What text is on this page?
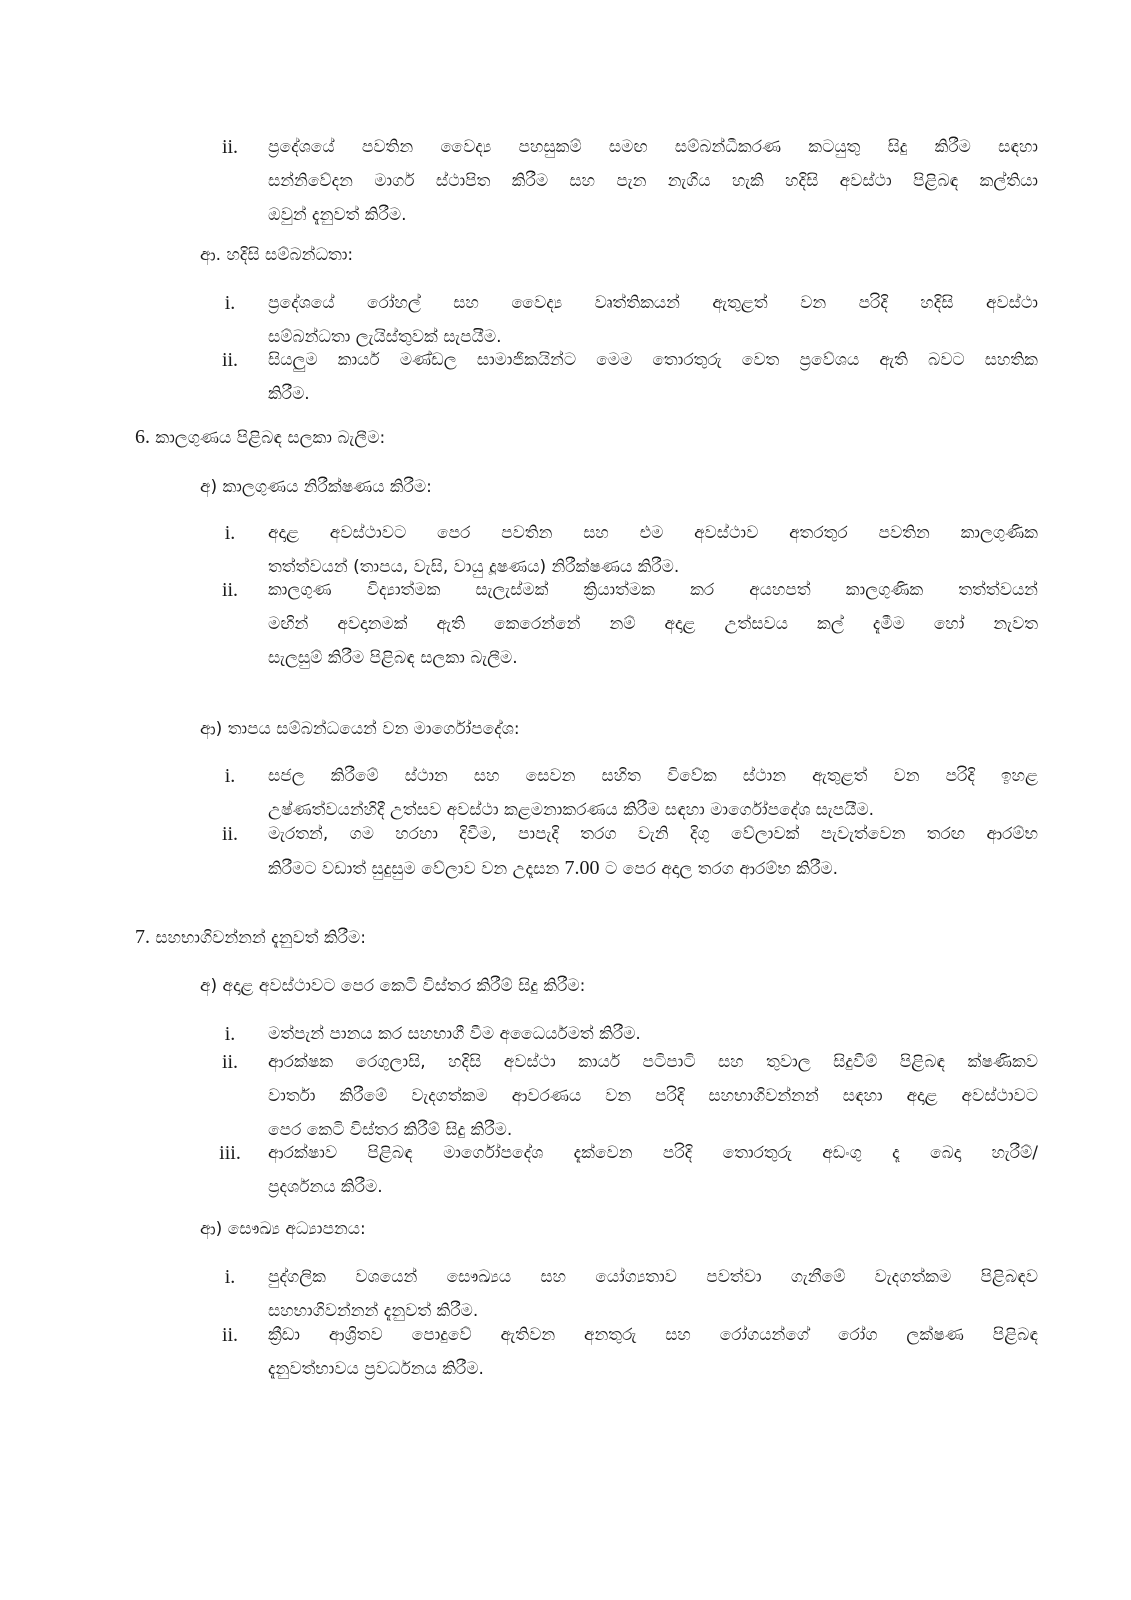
ii.	ප්‍රදේශයේ පවතින වෛද්‍ය පහසුකම් සමඟ සම්බන්ධීකරණ කටයුතු සිදු කිරීම සඳහා
සන්නිවේදන මාර්ග ස්ථාපිත කිරීම සහ පැන නැගිය හැකි හදිසි අවස්ථා පිළිබඳ කල්තියා
ඔවුන් දැනුවත් කිරීම.
ආ. හදිසි සම්බන්ධතා:
i.	ප්‍රදේශයේ රෝහල් සහ වෛද්‍ය වෘත්තිකයන් ඇතුළත් වන පරිදි හදිසි අවස්ථා
සම්බන්ධතා ලැයිස්තුවක් සැපයීම.
ii.	සියලුම කාර්ය මණ්ඩල සාමාජිකයින්ට මෙම තොරතුරු වෙත ප්‍රවේශය ඇති බවට සහතික
කිරීම.
6. කාලගුණය පිළිබඳ සලකා බැලීම:
අ) කාලගුණය නිරීක්ෂණය කිරීම:
i.	අදාළ අවස්ථාවට පෙර පවතින සහ එම අවස්ථාව අතරතුර පවතින කාලගුණික
තත්ත්වයන් (තාපය, වැසි, වායු දූෂණය) නිරීක්ෂණය කිරීම.
ii.	කාලගුණ විද්‍යාත්මක සැලැස්මක් ක්‍රියාත්මක කර අයහපත් කාලගුණික තත්ත්වයන්
මඟින් අවදානමක් ඇති කෙරෙන්නේ නම් අදාළ උත්සවය කල් දැමීම හෝ නැවත
සැලසුම් කිරීම පිළිබඳ සලකා බැලීම.
ආ) තාපය සම්බන්ධයෙන් වන මාර්ගෝපදේශ:
i.	සජල කිරීමේ ස්ථාන සහ සෙවන සහිත විවේක ස්ථාන ඇතුළත් වන පරිදි ඉහළ
උෂ්ණත්වයන්හිදී උත්සව අවස්ථා කළමනාකරණය කිරීම සඳහා මාර්ගෝපදේශ සැපයීම.
ii.	මැරතන්, ගම හරහා දිවීම, පාපැදි තරග වැනි දිගු වේලාවක් පැවැත්වෙන තරඟ ආරම්භ
කිරීමට වඩාත් සුදුසුම වේලාව වන උදෑසන 7.00 ට පෙර අදාල තරග ආරම්භ කිරීම.
7. සහභාගිවන්නන් දැනුවත් කිරීම:
අ) අදාළ අවස්ථාවට පෙර කෙටි විස්තර කිරීම් සිදු කිරීම:
i.	මත්පැන් පානය කර සහභාගී වීම අධෛර්යමත් කිරීම.
ii.	ආරක්ෂක රෙගුලාසි, හදිසි අවස්ථා කාර්ය පටිපාටි සහ තුවාල සිදුවීම් පිළිබඳ ක්ෂණිකව
වාර්තා කිරීමේ වැදගත්කම ආවරණය වන පරිදි සහභාගිවන්නන් සඳහා අදාළ අවස්ථාවට
පෙර කෙටි විස්තර කිරීම් සිදු කිරීම.
iii.	ආරක්ෂාව පිළිබඳ මාර්ගෝපදේශ දැක්වෙන පරිදි තොරතුරු අඩංගු දෑ බෙදා හැරීම්/
ප්‍රදර්ශනය කිරීම.
ආ) සෞඛ්‍ය අධ්‍යාපනය:
i.	පුද්ගලික වශයෙන් සෞඛ්‍යය සහ යෝග්‍යතාව පවත්වා ගැනීමේ වැදගත්කම පිළිබඳව
සහභාගිවන්නන් දැනුවත් කිරීම.
ii.	ක්‍රීඩා ආශ්‍රිතව පොදුවේ ඇතිවන අනතුරු සහ රෝගයන්ගේ රෝග ලක්ෂණ පිළිබඳ
දැනුවත්භාවය ප්‍රවර්ධනය කිරීම.
